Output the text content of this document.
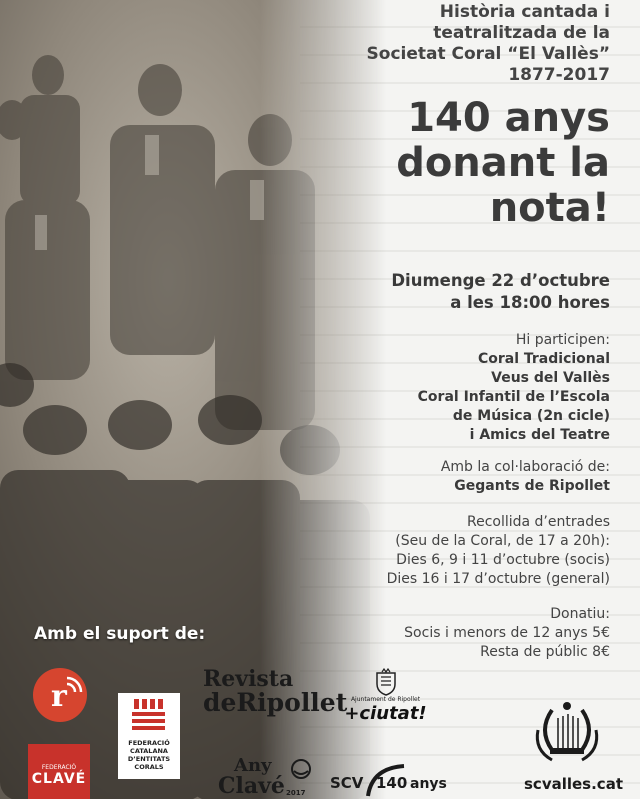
Història cantada i
teatralitzada de la
Societat Coral “El Vallès”
1877-2017
140 anys
donant la
nota!
Diumenge 22 d’octubre
a les 18:00 hores
Hi participen:
Coral Tradicional
Veus del Vallès
Coral Infantil de l’Escola
de Música (2n cicle)
i Amics del Teatre
Amb la col·laboració de:
Gegants de Ripollet
Recollida d’entrades
(Seu de la Coral, de 17 a 20h):
Dies 6, 9 i 11 d’octubre (socis)
Dies 16 i 17 d’octubre (general)
Donatiu:
Socis i menors de 12 anys 5€
Resta de públic 8€
Amb el suport de:
r
FEDERACIÓ
CATALANA
D’ENTITATS
CORALS
FEDERACIÓ
CLAVÉ
Revista
deRipollet
Any
Clavé 2017
Ajuntament de Ripollet
+ciutat!
SCV 140 anys	scvalles.cat
